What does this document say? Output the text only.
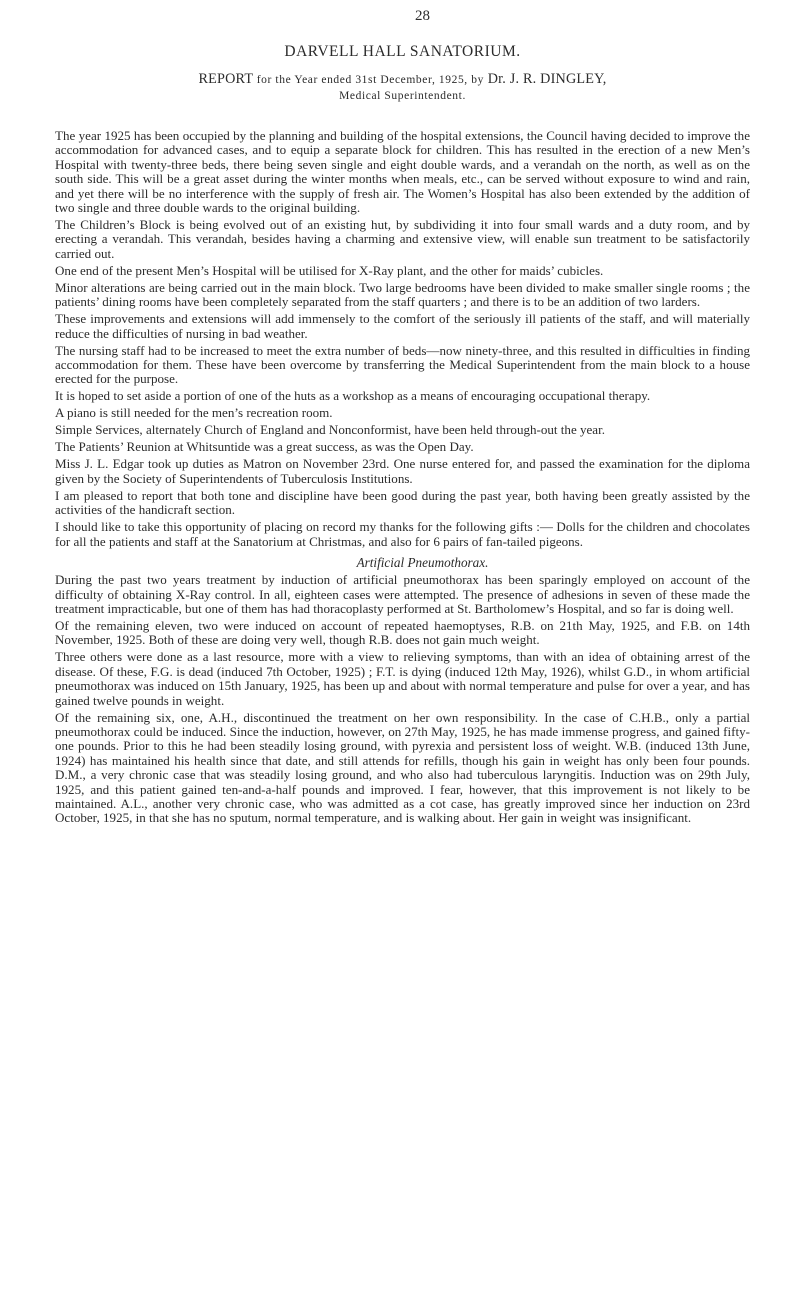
28
DARVELL HALL SANATORIUM.
REPORT for the Year ended 31st December, 1925, by Dr. J. R. DINGLEY,
Medical Superintendent.

The year 1925 has been occupied by the planning and building of the hospital extensions, the Council having decided to improve the accommodation for advanced cases, and to equip a separate block for children. This has resulted in the erection of a new Men’s Hospital with twenty-three beds, there being seven single and eight double wards, and a verandah on the north, as well as on the south side. This will be a great asset during the winter months when meals, etc., can be served without exposure to wind and rain, and yet there will be no interference with the supply of fresh air. The Women’s Hospital has also been extended by the addition of two single and three double wards to the original building.

The Children’s Block is being evolved out of an existing hut, by subdividing it into four small wards and a duty room, and by erecting a verandah. This verandah, besides having a charming and extensive view, will enable sun treatment to be satisfactorily carried out.

One end of the present Men’s Hospital will be utilised for X-Ray plant, and the other for maids’ cubicles.

Minor alterations are being carried out in the main block. Two large bedrooms have been divided to make smaller single rooms ; the patients’ dining rooms have been completely separated from the staff quarters ; and there is to be an addition of two larders.

These improvements and extensions will add immensely to the comfort of the seriously ill patients of the staff, and will materially reduce the difficulties of nursing in bad weather.

The nursing staff had to be increased to meet the extra number of beds—now ninety-three, and this resulted in difficulties in finding accommodation for them. These have been overcome by transferring the Medical Superintendent from the main block to a house erected for the purpose.

It is hoped to set aside a portion of one of the huts as a workshop as a means of encouraging occupational therapy.

A piano is still needed for the men’s recreation room.

Simple Services, alternately Church of England and Nonconformist, have been held through-out the year.

The Patients’ Reunion at Whitsuntide was a great success, as was the Open Day.

Miss J. L. Edgar took up duties as Matron on November 23rd. One nurse entered for, and passed the examination for the diploma given by the Society of Superintendents of Tuberculosis Institutions.

I am pleased to report that both tone and discipline have been good during the past year, both having been greatly assisted by the activities of the handicraft section.

I should like to take this opportunity of placing on record my thanks for the following gifts :— Dolls for the children and chocolates for all the patients and staff at the Sanatorium at Christmas, and also for 6 pairs of fan-tailed pigeons.

Artificial Pneumothorax.

During the past two years treatment by induction of artificial pneumothorax has been sparingly employed on account of the difficulty of obtaining X-Ray control. In all, eighteen cases were attempted. The presence of adhesions in seven of these made the treatment impracticable, but one of them has had thoracoplasty performed at St. Bartholomew’s Hospital, and so far is doing well.

Of the remaining eleven, two were induced on account of repeated haemoptyses, R.B. on 21th May, 1925, and F.B. on 14th November, 1925. Both of these are doing very well, though R.B. does not gain much weight.

Three others were done as a last resource, more with a view to relieving symptoms, than with an idea of obtaining arrest of the disease. Of these, F.G. is dead (induced 7th October, 1925) ; F.T. is dying (induced 12th May, 1926), whilst G.D., in whom artificial pneumothorax was induced on 15th January, 1925, has been up and about with normal temperature and pulse for over a year, and has gained twelve pounds in weight.

Of the remaining six, one, A.H., discontinued the treatment on her own responsibility. In the case of C.H.B., only a partial pneumothorax could be induced. Since the induction, however, on 27th May, 1925, he has made immense progress, and gained fifty-one pounds. Prior to this he had been steadily losing ground, with pyrexia and persistent loss of weight. W.B. (induced 13th June, 1924) has maintained his health since that date, and still attends for refills, though his gain in weight has only been four pounds. D.M., a very chronic case that was steadily losing ground, and who also had tuberculous laryngitis. Induction was on 29th July, 1925, and this patient gained ten-and-a-half pounds and improved. I fear, however, that this improvement is not likely to be maintained. A.L., another very chronic case, who was admitted as a cot case, has greatly improved since her induction on 23rd October, 1925, in that she has no sputum, normal temperature, and is walking about. Her gain in weight was insignificant.
